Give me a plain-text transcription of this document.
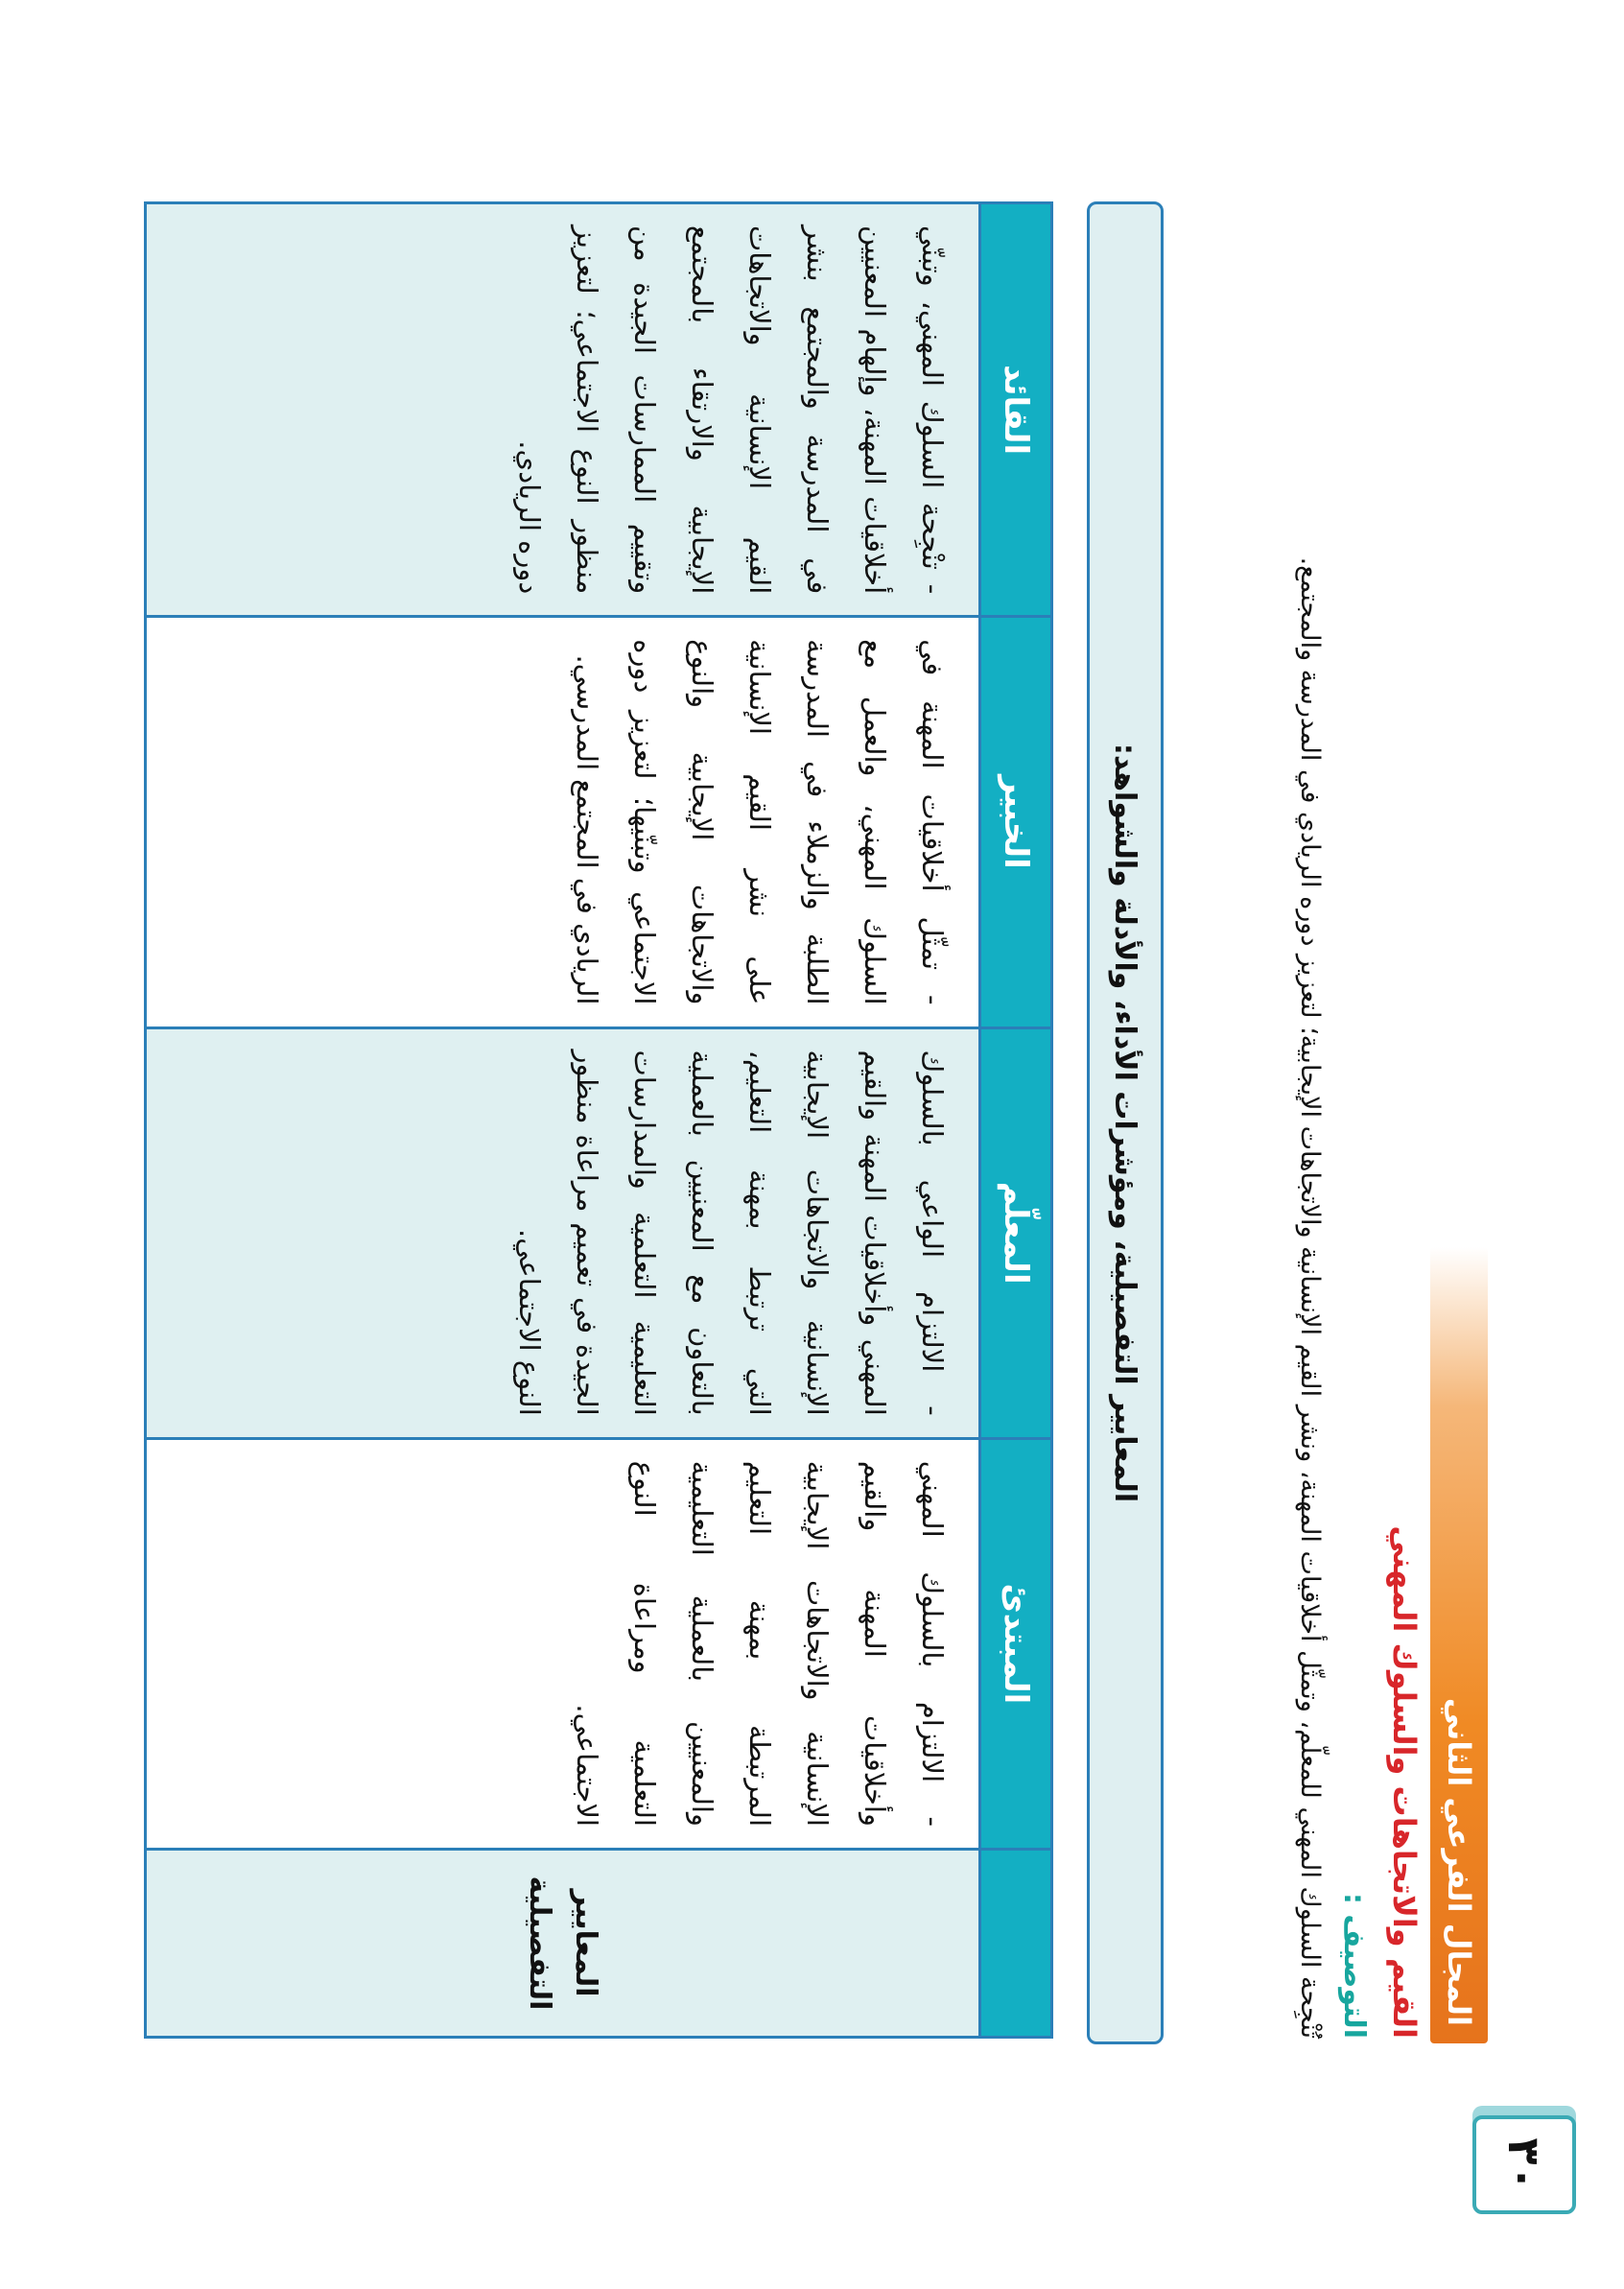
٣٠
المجال الفرعي الثاني
القيم والاتجاهات والسلوك المهني
التوصيف :
تُنْجِحة السلوك المهني للمعلّم، وتمثّل أخلاقيات المهنة، ونشر القيم الإنسانية والاتجاهات الإيجابية؛ لتعزيز دوره الريادي في المدرسة والمجتمع.
المعايير التفصيلية، ومؤشرات الأداء، والأدلة والشواهد:
المبتدئ
المعلّم
الخبير
القائد
المعايير التفصيلية
- الالتزام بالسلوك المهني وأخلاقيات المهنة والقيم الإنسانية والاتجاهات الإيجابية المرتبطة بمهنة التعليم والمعنيين بالعملية التعليمية التعلمية ومراعاة النوع الاجتماعي.
- الالتزام الواعي بالسلوك المهني وأخلاقيات المهنة والقيم الإنسانية والاتجاهات الإيجابية التي ترتبط بمهنة التعليم، بالتعاون مع المعنيين بالعملية التعليمية التعلمية والمدارسات الجيدة في تعميم مراعاة منظور النوع الاجتماعي.
- تمثّل أخلاقيات المهنة في السلوك المهني، والعمل مع الطلبة والزملاء في المدرسة على نشر القيم الإنسانية والاتجاهات الإيجابية والنوع الاجتماعي وتبنّيها؛ لتعزيز دوره الريادي في المجتمع المدرسي.
- تنْجِحة السلوك المهني، وتبنّي أخلاقيات المهنة، وإلهام المعنيين في المدرسة والمجتمع بنشر القيم الإنسانية والاتجاهات الإيجابية والارتقاء بالمجتمع وتقييم الممارسات الجيدة من منظور النوع الاجتماعي؛ لتعزيز دوره الريادي.
